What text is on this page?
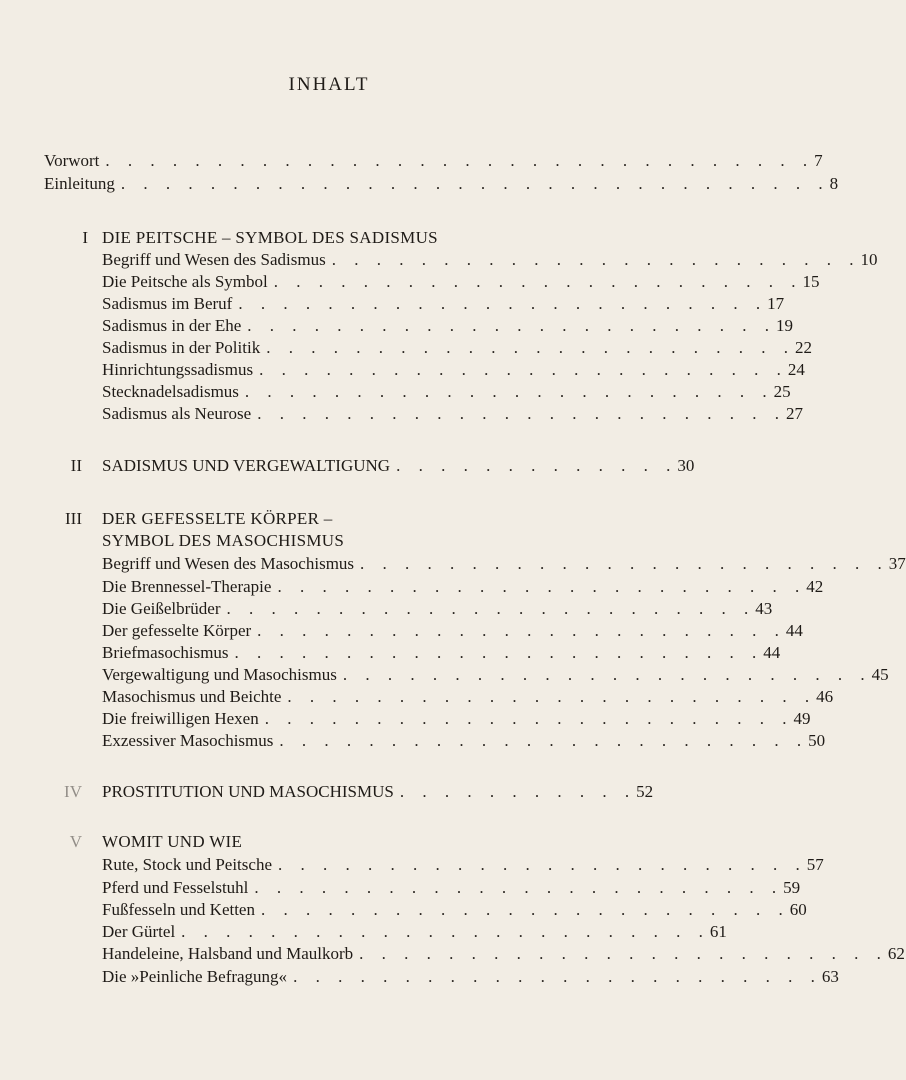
INHALT
Vorwort . . . . . . . . . . . . . . . . . . . . . . . . . . . . . . . . 7
Einleitung . . . . . . . . . . . . . . . . . . . . . . . . . . . . . . . . 8
I DIE PEITSCHE – SYMBOL DES SADISMUS
Begriff und Wesen des Sadismus . . . . . . . . . . . . . . . . . . . . . . . . 10
Die Peitsche als Symbol . . . . . . . . . . . . . . . . . . . . . . . . 15
Sadismus im Beruf . . . . . . . . . . . . . . . . . . . . . . . . 17
Sadismus in der Ehe . . . . . . . . . . . . . . . . . . . . . . . . 19
Sadismus in der Politik . . . . . . . . . . . . . . . . . . . . . . . . 22
Hinrichtungssadismus . . . . . . . . . . . . . . . . . . . . . . . . 24
Stecknadelsadismus . . . . . . . . . . . . . . . . . . . . . . . . 25
Sadismus als Neurose . . . . . . . . . . . . . . . . . . . . . . . . 27
II SADISMUS UND VERGEWALTIGUNG . . . . . . . . . . . . . 30
III DER GEFESSELTE KÖRPER –
SYMBOL DES MASOCHISMUS
Begriff und Wesen des Masochismus . . . . . . . . . . . . . . . . . . . . . . . . 37
Die Brennessel-Therapie . . . . . . . . . . . . . . . . . . . . . . . . 42
Die Geißelbrüder . . . . . . . . . . . . . . . . . . . . . . . . 43
Der gefesselte Körper . . . . . . . . . . . . . . . . . . . . . . . . 44
Briefmasochismus . . . . . . . . . . . . . . . . . . . . . . . . 44
Vergewaltigung und Masochismus . . . . . . . . . . . . . . . . . . . . . . . . 45
Masochismus und Beichte . . . . . . . . . . . . . . . . . . . . . . . . 46
Die freiwilligen Hexen . . . . . . . . . . . . . . . . . . . . . . . . 49
Exzessiver Masochismus . . . . . . . . . . . . . . . . . . . . . . . . 50
IV PROSTITUTION UND MASOCHISMUS . . . . . . . . . . . 52
V WOMIT UND WIE
Rute, Stock und Peitsche . . . . . . . . . . . . . . . . . . . . . . . . 57
Pferd und Fesselstuhl . . . . . . . . . . . . . . . . . . . . . . . . 59
Fußfesseln und Ketten . . . . . . . . . . . . . . . . . . . . . . . . 60
Der Gürtel . . . . . . . . . . . . . . . . . . . . . . . . 61
Handeleine, Halsband und Maulkorb . . . . . . . . . . . . . . . . . . . . . . . . 62
Die »Peinliche Befragung« . . . . . . . . . . . . . . . . . . . . . . . . 63
